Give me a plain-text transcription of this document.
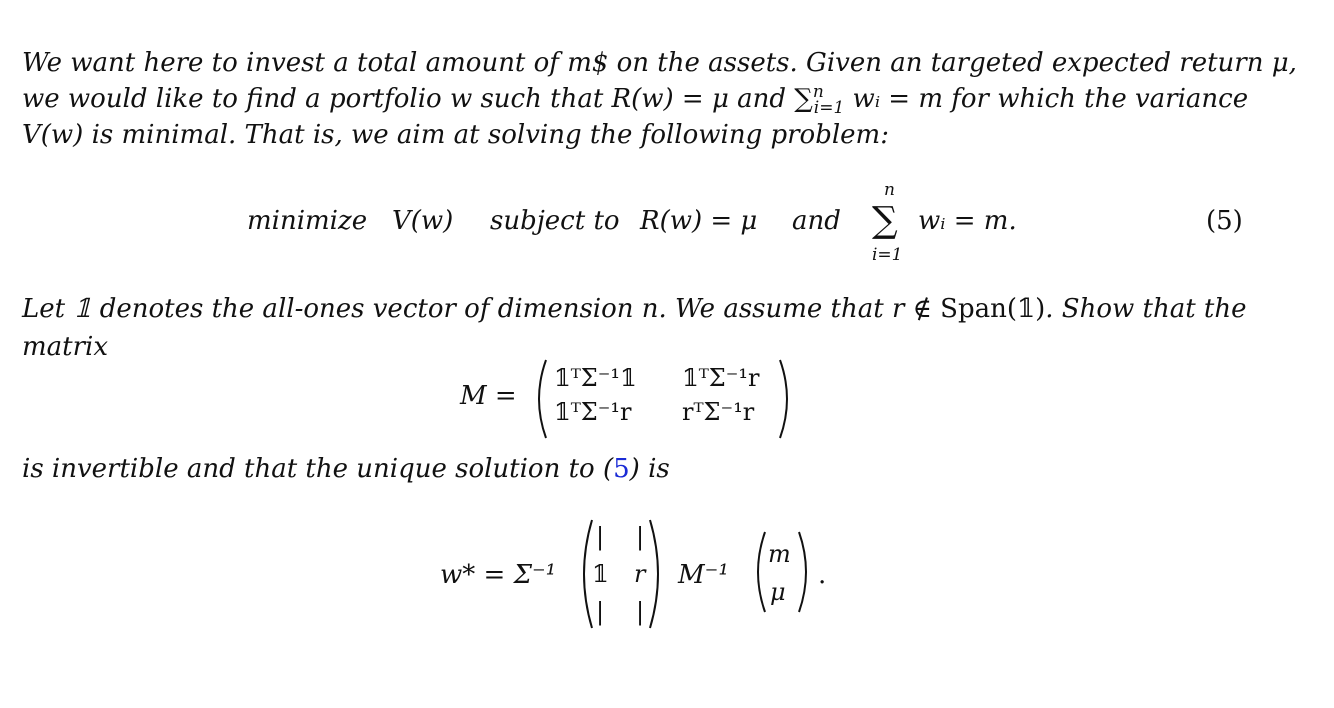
We want here to invest a total amount of m$ on the assets. Given an targeted expected return μ,
we would like to find a portfolio w such that R(w) = μ and ∑$^n_{i=1}$ wᵢ = m for which the variance
V(w) is minimal. That is, we aim at solving the following problem:
minimize V(w) subject to R(w) = μ and
n
∑
i=1
wᵢ = m.	(5)
Let 𝟙 denotes the all-ones vector of dimension n. We assume that r ∉ Span(𝟙). Show that the
matrix
M =
𝟙ᵀΣ⁻¹𝟙 𝟙ᵀΣ⁻¹r
𝟙ᵀΣ⁻¹r rᵀΣ⁻¹r
is invertible and that the unique solution to (5) is
w* = Σ⁻¹
|
𝟙
|
|
r
|
M⁻¹
m
μ
.
